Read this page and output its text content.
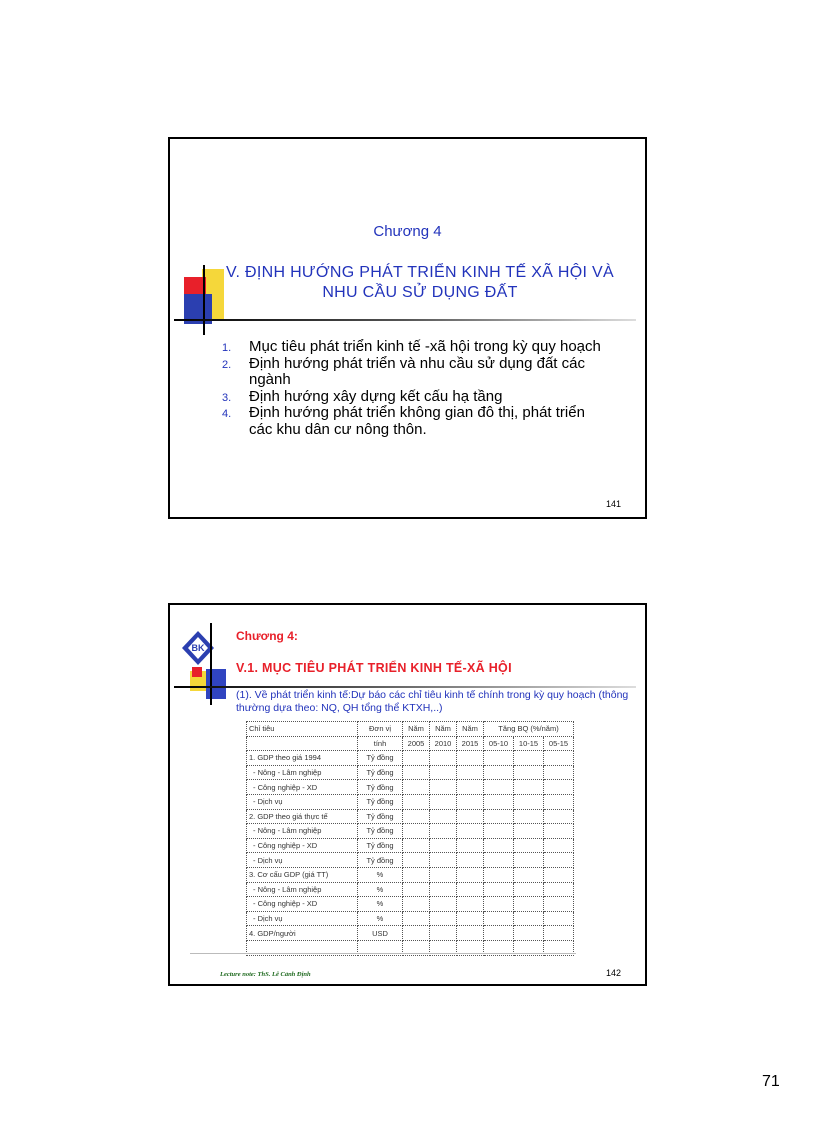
Chương 4
V. ĐỊNH HƯỚNG PHÁT TRIỂN KINH TẾ XÃ HỘI VÀ NHU CẦU SỬ DỤNG ĐẤT
1. Mục tiêu phát triển kinh tế -xã hội trong kỳ quy hoạch
2. Định hướng phát triển và nhu cầu sử dụng đất các ngành
3. Định hướng xây dựng kết cấu hạ tầng
4. Định hướng phát triển không gian đô thị, phát triển các khu dân cư nông thôn.
141
BK
Chương 4:
V.1. MỤC TIÊU PHÁT TRIỂN KINH TẾ-XÃ HỘI
(1). Về phát triển kinh tế:Dự báo các chỉ tiêu kinh tế chính trong kỳ quy hoạch (thông thường dựa theo: NQ, QH tổng thể KTXH,..)
Chỉ tiêu	Đơn vị	Năm	Năm	Năm	Tăng BQ (%/năm)		
	tính	2005	2010	2015	05-10	10-15	05-15
1. GDP theo giá 1994	Tỷ đồng						
- Nông - Lâm nghiệp	Tỷ đồng						
- Công nghiệp - XD	Tỷ đồng						
- Dịch vụ	Tỷ đồng						
2. GDP theo giá thực tế	Tỷ đồng						
- Nông - Lâm nghiệp	Tỷ đồng						
- Công nghiệp - XD	Tỷ đồng						
- Dịch vụ	Tỷ đồng						
3. Cơ cấu GDP (giá TT)	%						
- Nông - Lâm nghiệp	%						
- Công nghiệp - XD	%						
- Dịch vụ	%						
4. GDP/người	USD						

Lecture note: ThS. Lê Cảnh Định	142
71
